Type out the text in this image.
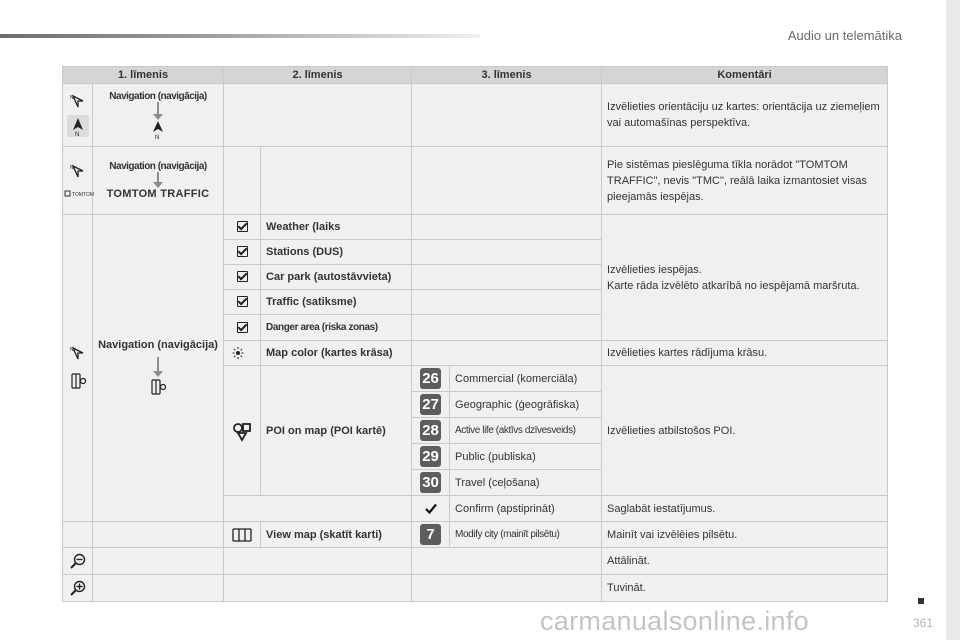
Audio un telemātika
1. līmenis		2. līmenis		3. līmenis		Komentāri

N
N	Navigation (navigācija)
N					Izvēlieties orientāciju uz kartes: orientācija uz ziemeļiem vai automašīnas perspektīva.

N
TOMTOM	Navigation (navigācija)
TOMTOM TRAFFIC					Pie sistēmas pieslēguma tīkla norādot "TOMTOM TRAFFIC", nevis "TMC", reālā laika izmantosiet visas pieejamās iespējas.

N	Navigation (navigācija)		Weather (laiks			Izvēlieties iespējas.
Karte rāda izvēlēto atkarībā no iespējamā maršruta.
			Stations (DUS)			
			Car park (autostāvvieta)			
			Traffic (satiksme)			
			Danger area (riska zonas)			

	Map color (kartes krāsa)			Izvēlieties kartes rādījuma krāsu.

	POI on map (POI kartē)	26	Commercial (komerciāla)	Izvēlieties atbilstošos POI.
				27	Geographic (ģeogrāfiska)	
				28	Active life (aktīvs dzīvesveids)	
				29	Public (publiska)	
				30	Travel (ceļošana)	

	Confirm (apstiprināt)	Saglabāt iestatījumus.

	View map (skatīt karti)	7	Modify city (mainīt pilsētu)	Mainīt vai izvēlēies pilsētu.

				Attālināt.

				Tuvināt.
carmanualsonline.info	361
